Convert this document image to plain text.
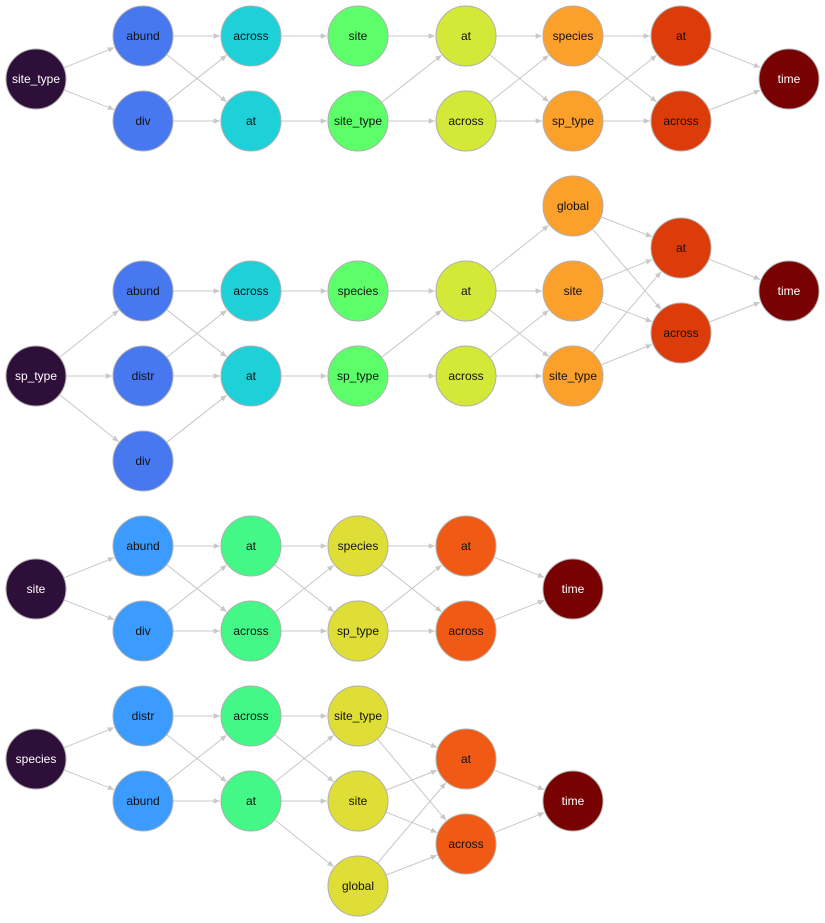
site_type
abund
div
across
at
site
site_type
at
across
species
sp_type
at
across
time
sp_type
abund
distr
div
across
at
species
sp_type
at
across
global
site
site_type
at
across
time
site
abund
div
at
across
species
sp_type
at
across
time
species
distr
abund
across
at
site_type
site
global
at
across
time
